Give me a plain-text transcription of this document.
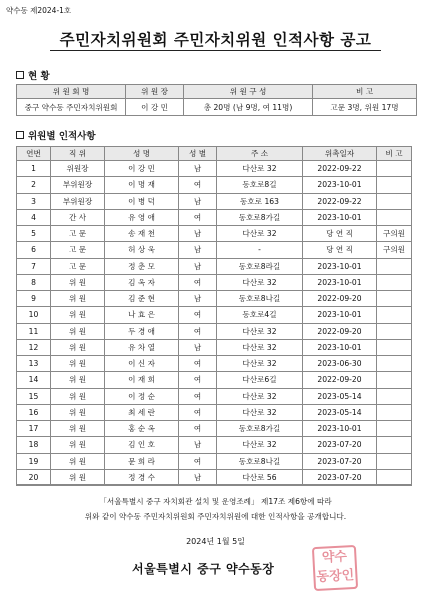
약수동 제2024-1호
주민자치위원회 주민자치위원 인적사항 공고
현 황
위 원 회 명	위 원 장	위 원 구 성	비 고
중구 약수동 주민자치위원회	이 강 민	총 20명 (남 9명, 여 11명)	고문 3명, 위원 17명
위원별 인적사항
연번	직 위	성 명	성 별	주 소	위촉일자	비 고
1	위원장	이 강 민	남	다산로 32	2022-09-22	
2	부위원장	이 명 재	여	동호로8길	2023-10-01	
3	부위원장	이 병 덕	남	동호로 163	2022-09-22	
4	간 사	유 영 애	여	동호로8가길	2023-10-01	
5	고 문	송 재 천	남	다산로 32	당 연 직	구의원
6	고 문	허 상 욱	남	-	당 연 직	구의원
7	고 문	정 춘 모	남	동호로8라길	2023-10-01	
8	위 원	김 옥 자	여	다산로 32	2023-10-01	
9	위 원	김 준 현	남	동호로8나길	2022-09-20	
10	위 원	나 효 은	여	동호로4길	2023-10-01	
11	위 원	두 경 애	여	다산로 32	2022-09-20	
12	위 원	유 차 열	남	다산로 32	2023-10-01	
13	위 원	이 신 자	여	다산로 32	2023-06-30	
14	위 원	이 재 희	여	다산로6길	2022-09-20	
15	위 원	이 정 순	여	다산로 32	2023-05-14	
16	위 원	최 세 란	여	다산로 32	2023-05-14	
17	위 원	홍 순 옥	여	동호로8가길	2023-10-01	
18	위 원	김 인 호	남	다산로 32	2023-07-20	
19	위 원	문 희 라	여	동호로8나길	2023-07-20	
20	위 원	정 경 수	남	다산로 56	2023-07-20	
「서울특별시 중구 자치회관 설치 및 운영조례」 제17조 제6항에 따라
위와 같이 약수동 주민자치위원회 주민자치위원에 대한 인적사항을 공개합니다.
2024년 1월 5일
서울특별시 중구 약수동장
약수
동장인
